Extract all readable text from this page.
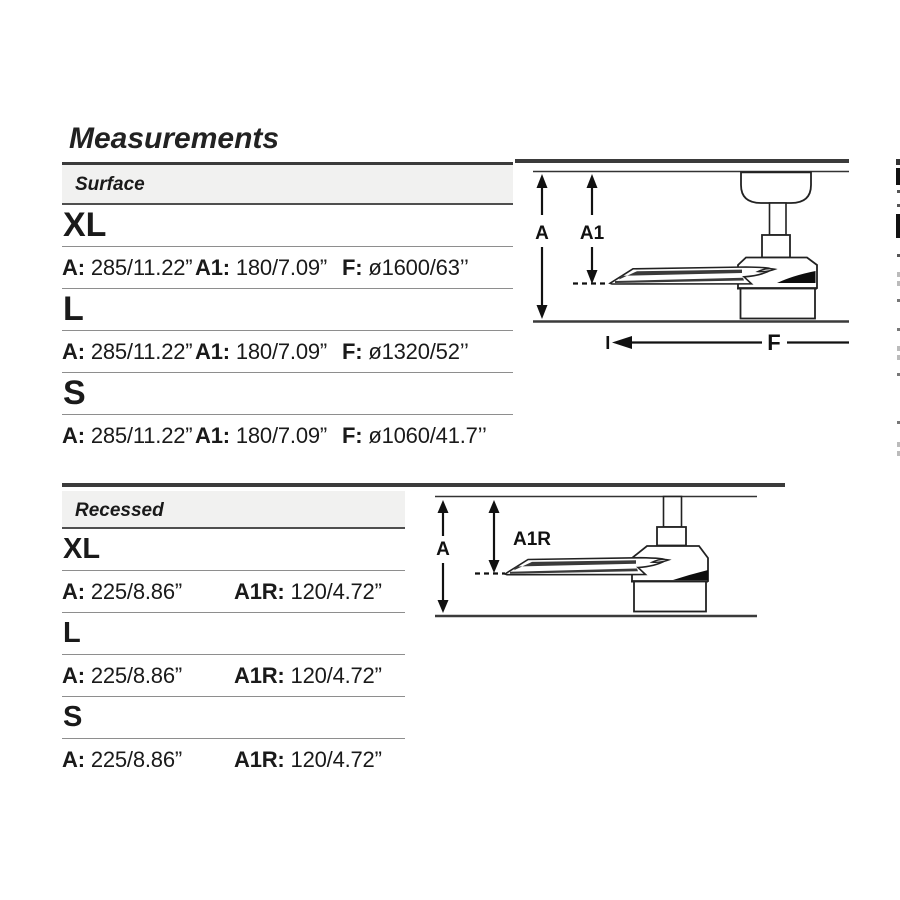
Measurements
Surface
XL
A: 285/11.22” A1: 180/7.09” F: ø1600/63’’
L
A: 285/11.22” A1: 180/7.09” F: ø1320/52’’
S
A: 285/11.22” A1: 180/7.09” F: ø1060/41.7’’
A A1
F
Recessed
XL
A: 225/8.86”	A1R: 120/4.72”
L
A: 225/8.86”	A1R: 120/4.72”
S
A: 225/8.86”	A1R: 120/4.72”
A	A1R
